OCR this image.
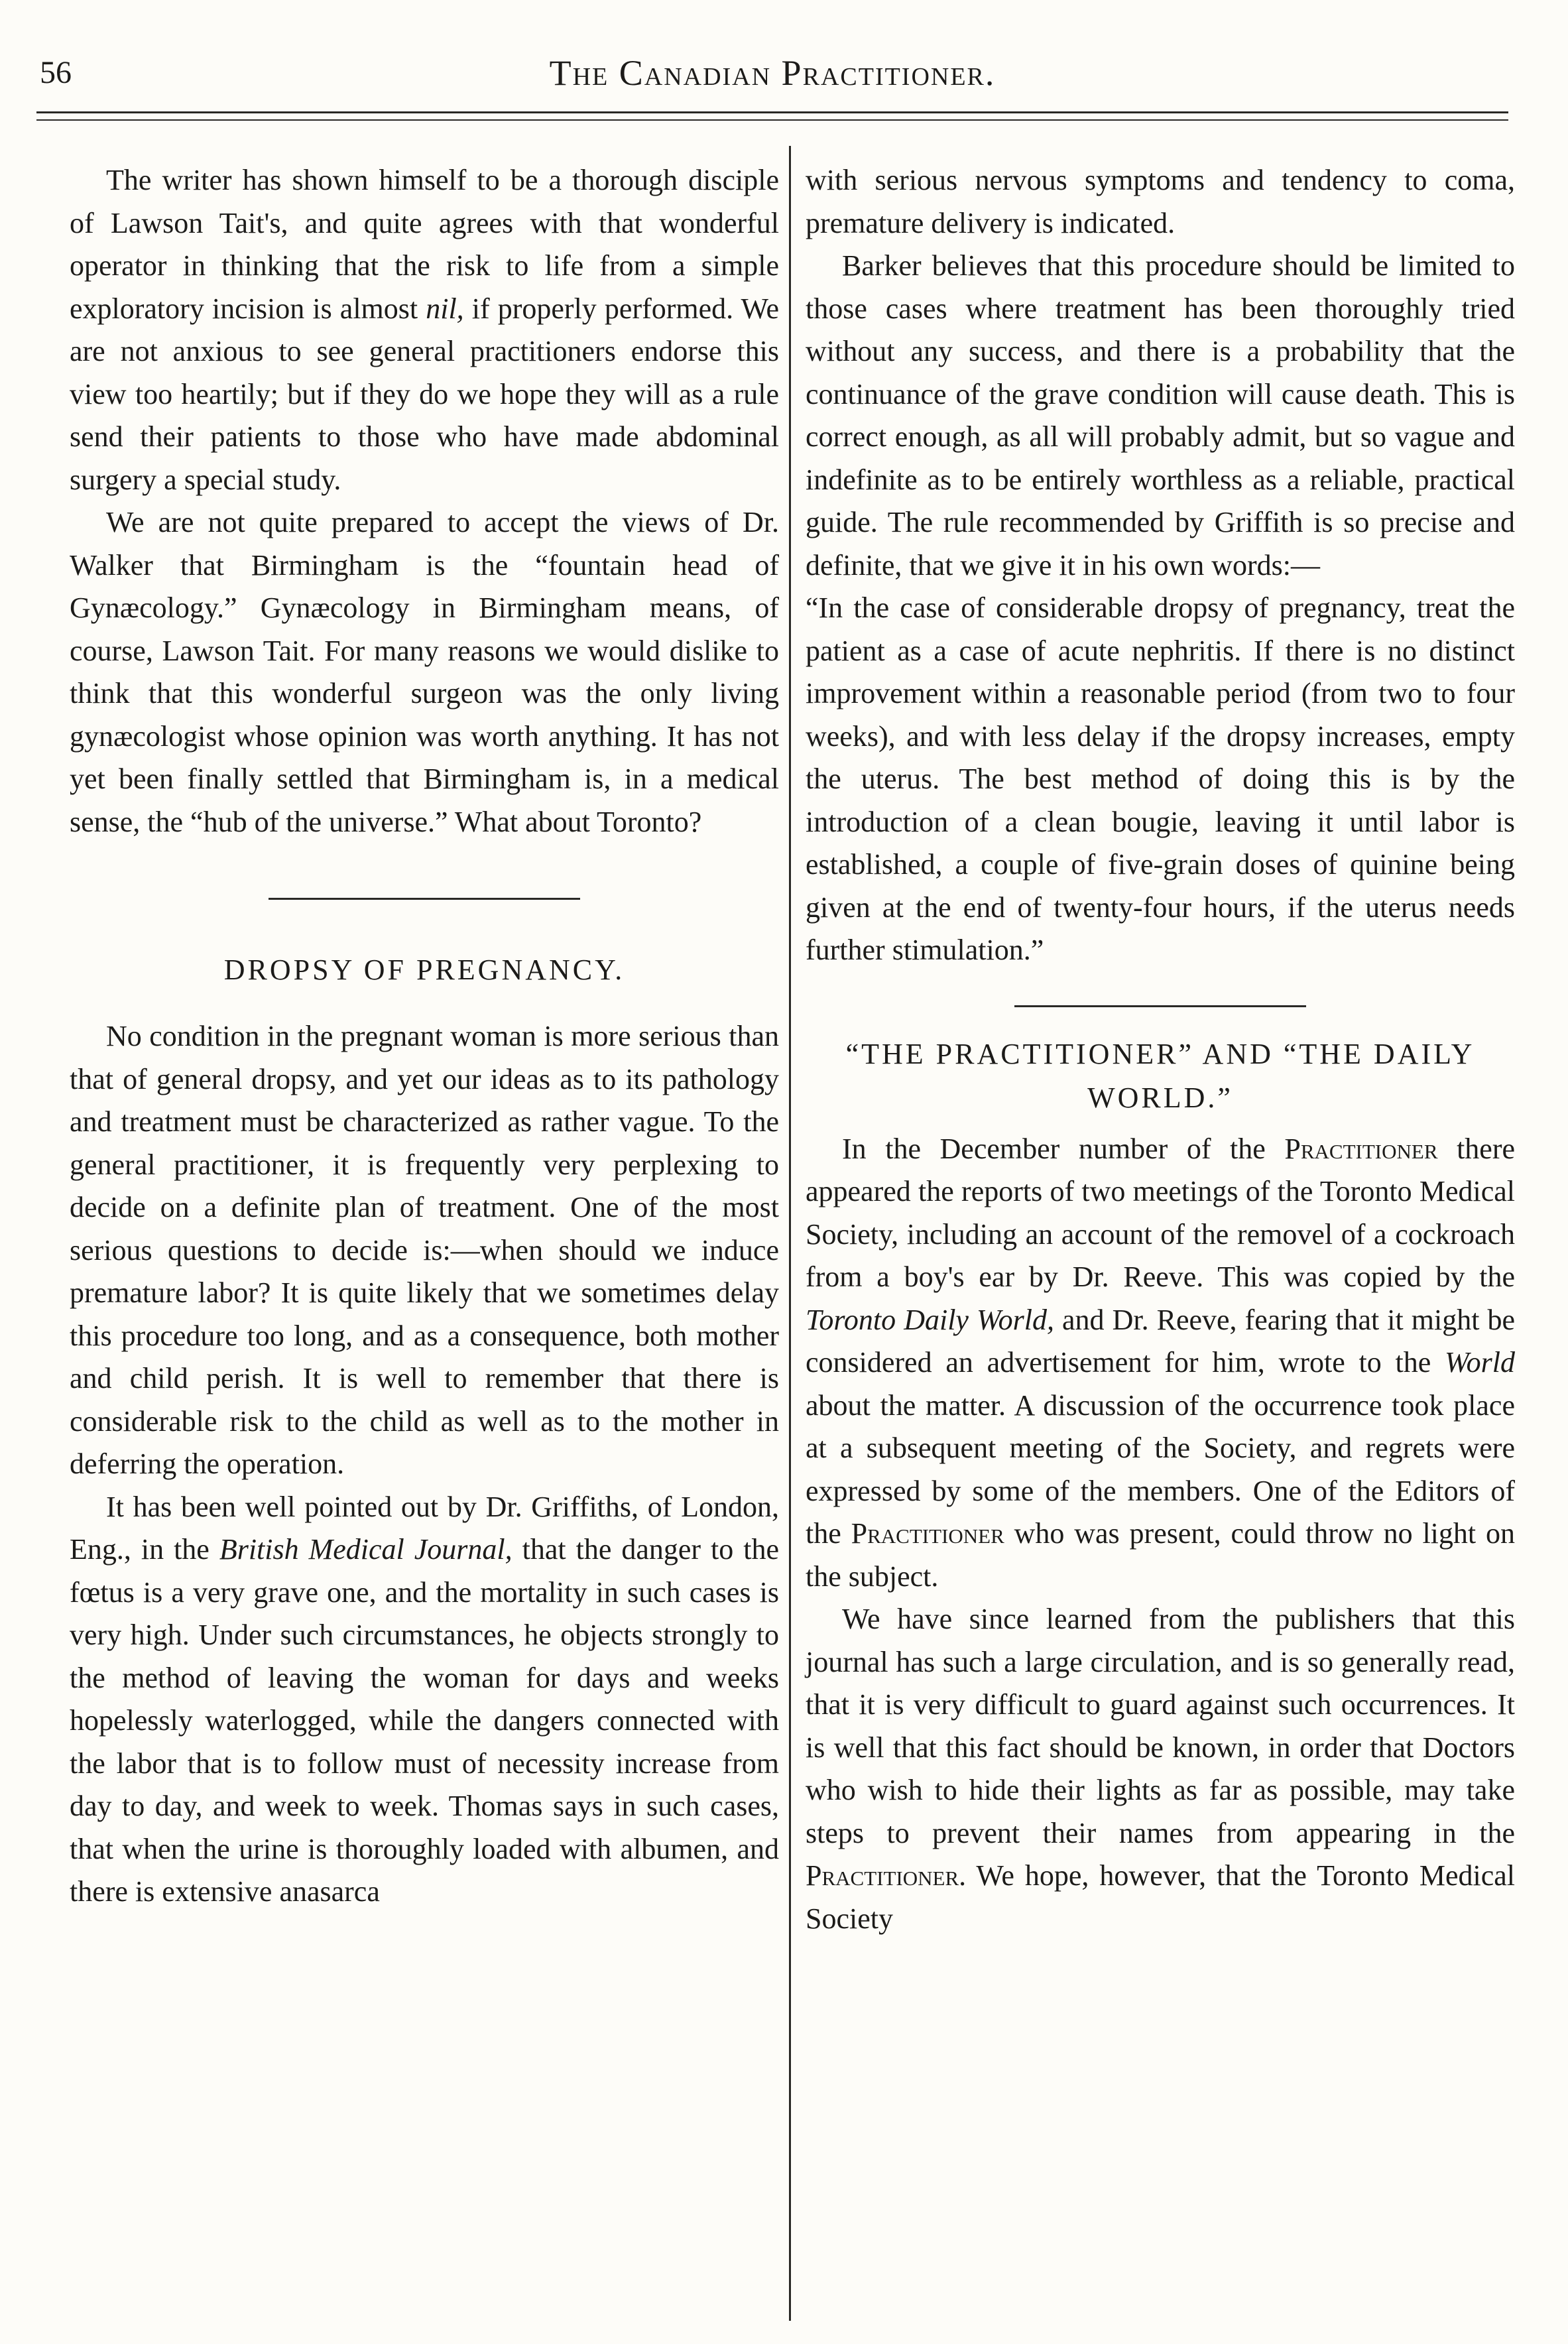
56	The Canadian Practitioner.

The writer has shown himself to be a thorough disciple of Lawson Tait's, and quite agrees with that wonderful operator in thinking that the risk to life from a simple exploratory incision is almost nil, if properly performed. We are not anxious to see general practitioners endorse this view too heartily; but if they do we hope they will as a rule send their patients to those who have made abdominal surgery a special study.

We are not quite prepared to accept the views of Dr. Walker that Birmingham is the “fountain head of Gynæcology.” Gynæcology in Birmingham means, of course, Lawson Tait. For many reasons we would dislike to think that this wonderful surgeon was the only living gynæcologist whose opinion was worth anything. It has not yet been finally settled that Birmingham is, in a medical sense, the “hub of the universe.” What about Toronto?

DROPSY OF PREGNANCY.

No condition in the pregnant woman is more serious than that of general dropsy, and yet our ideas as to its pathology and treatment must be characterized as rather vague. To the general practitioner, it is frequently very perplexing to decide on a definite plan of treatment. One of the most serious questions to decide is:—when should we induce premature labor? It is quite likely that we sometimes delay this procedure too long, and as a consequence, both mother and child perish. It is well to remember that there is considerable risk to the child as well as to the mother in deferring the operation.

It has been well pointed out by Dr. Griffiths, of London, Eng., in the British Medical Journal, that the danger to the fœtus is a very grave one, and the mortality in such cases is very high. Under such circumstances, he objects strongly to the method of leaving the woman for days and weeks hopelessly waterlogged, while the dangers connected with the labor that is to follow must of necessity increase from day to day, and week to week. Thomas says in such cases, that when the urine is thoroughly loaded with albumen, and there is extensive anasarca

with serious nervous symptoms and tendency to coma, premature delivery is indicated.

Barker believes that this procedure should be limited to those cases where treatment has been thoroughly tried without any success, and there is a probability that the continuance of the grave condition will cause death. This is correct enough, as all will probably admit, but so vague and indefinite as to be entirely worthless as a reliable, practical guide. The rule recommended by Griffith is so precise and definite, that we give it in his own words:—

“In the case of considerable dropsy of pregnancy, treat the patient as a case of acute nephritis. If there is no distinct improvement within a reasonable period (from two to four weeks), and with less delay if the dropsy increases, empty the uterus. The best method of doing this is by the introduction of a clean bougie, leaving it until labor is established, a couple of five-grain doses of quinine being given at the end of twenty-four hours, if the uterus needs further stimulation.”

“THE PRACTITIONER” AND “THE DAILY WORLD.”

In the December number of the Practitioner there appeared the reports of two meetings of the Toronto Medical Society, including an account of the removel of a cockroach from a boy's ear by Dr. Reeve. This was copied by the Toronto Daily World, and Dr. Reeve, fearing that it might be considered an advertisement for him, wrote to the World about the matter. A discussion of the occurrence took place at a subsequent meeting of the Society, and regrets were expressed by some of the members. One of the Editors of the Practitioner who was present, could throw no light on the subject.

We have since learned from the publishers that this journal has such a large circulation, and is so generally read, that it is very difficult to guard against such occurrences. It is well that this fact should be known, in order that Doctors who wish to hide their lights as far as possible, may take steps to prevent their names from appearing in the Practitioner. We hope, however, that the Toronto Medical Society
